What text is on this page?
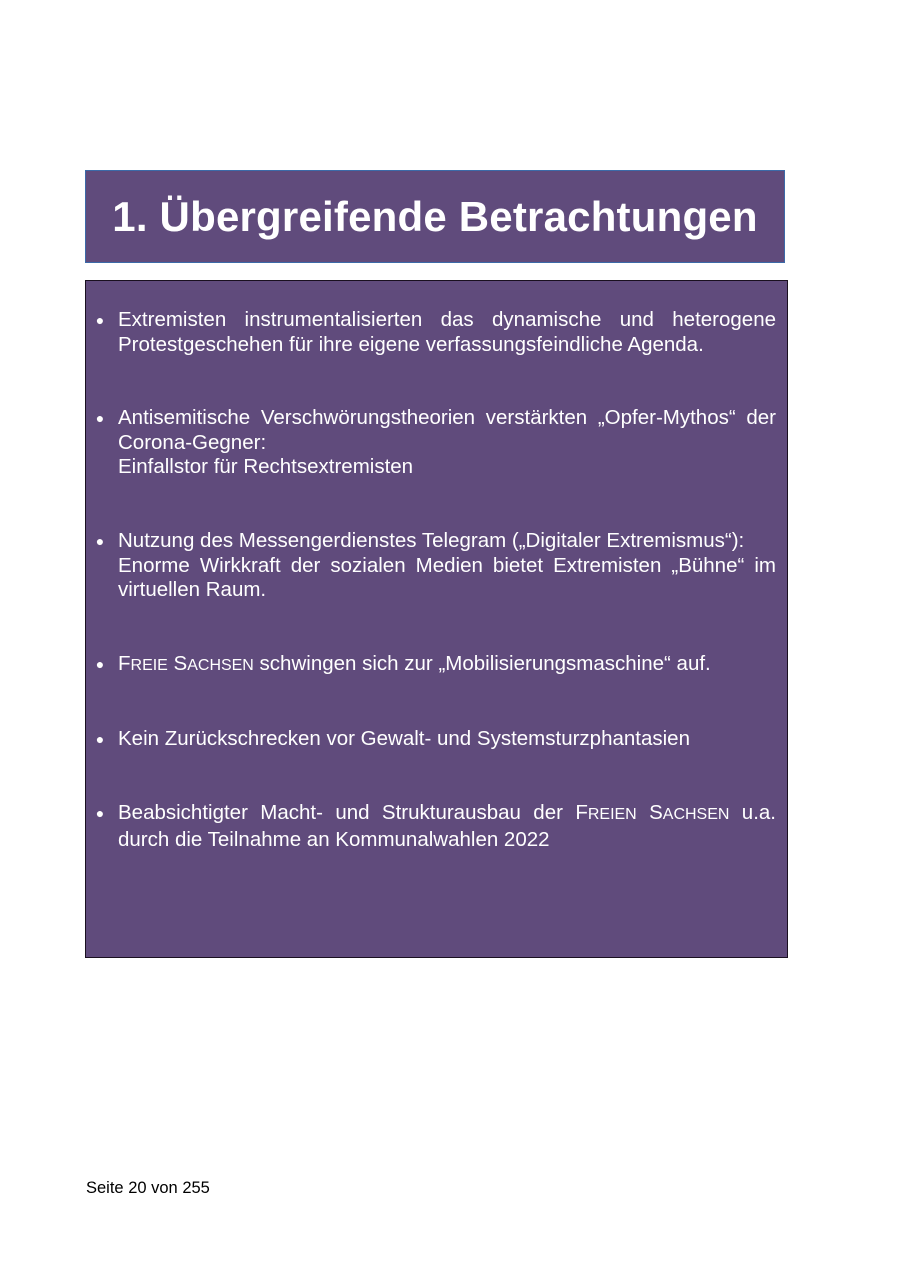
1. Übergreifende Betrachtungen
● Extremisten instrumentalisierten das dynamische und heterogene
Protestgeschehen für ihre eigene verfassungsfeindliche Agenda.
● Antisemitische Verschwörungstheorien verstärkten „Opfer-Mythos“ der
Corona-Gegner:
Einfallstor für Rechtsextremisten
● Nutzung des Messengerdienstes Telegram („Digitaler Extremismus“):
Enorme Wirkkraft der sozialen Medien bietet Extremisten „Bühne“ im
virtuellen Raum.
● FREIE SACHSEN schwingen sich zur „Mobilisierungsmaschine“ auf.
● Kein Zurückschrecken vor Gewalt- und Systemsturzphantasien
● Beabsichtigter Macht- und Strukturausbau der FREIEN SACHSEN u.a.
durch die Teilnahme an Kommunalwahlen 2022
Seite 20 von 255
